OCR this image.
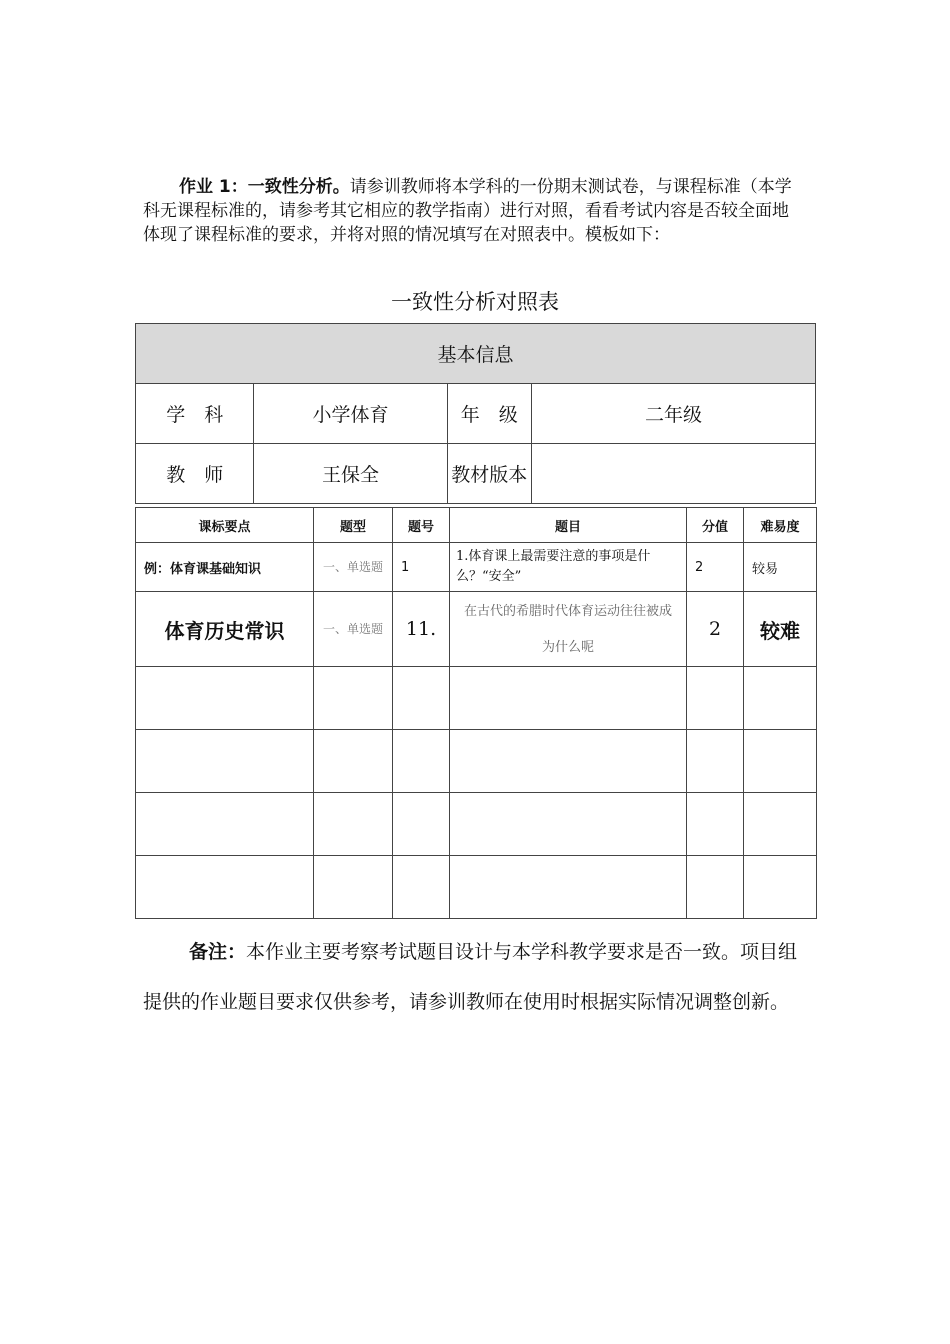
作业 1：一致性分析。请参训教师将本学科的一份期末测试卷，与课程标准（本学科无课程标准的，请参考其它相应的教学指南）进行对照，看看考试内容是否较全面地体现了课程标准的要求，并将对照的情况填写在对照表中。模板如下：
一致性分析对照表
基本信息			
学　科	小学体育	年　级	二年级
教　师	王保全	教材版本	
课标要点	题型	题号	题目	分值	难易度
例：体育课基础知识	一、单选题	1	1.体育课上最需要注意的事项是什么？“安全”	2	较易
体育历史常识	一、单选题	11.	在古代的希腊时代体育运动往往被成为什么呢	2	较难

备注：本作业主要考察考试题目设计与本学科教学要求是否一致。项目组提供的作业题目要求仅供参考，请参训教师在使用时根据实际情况调整创新。
